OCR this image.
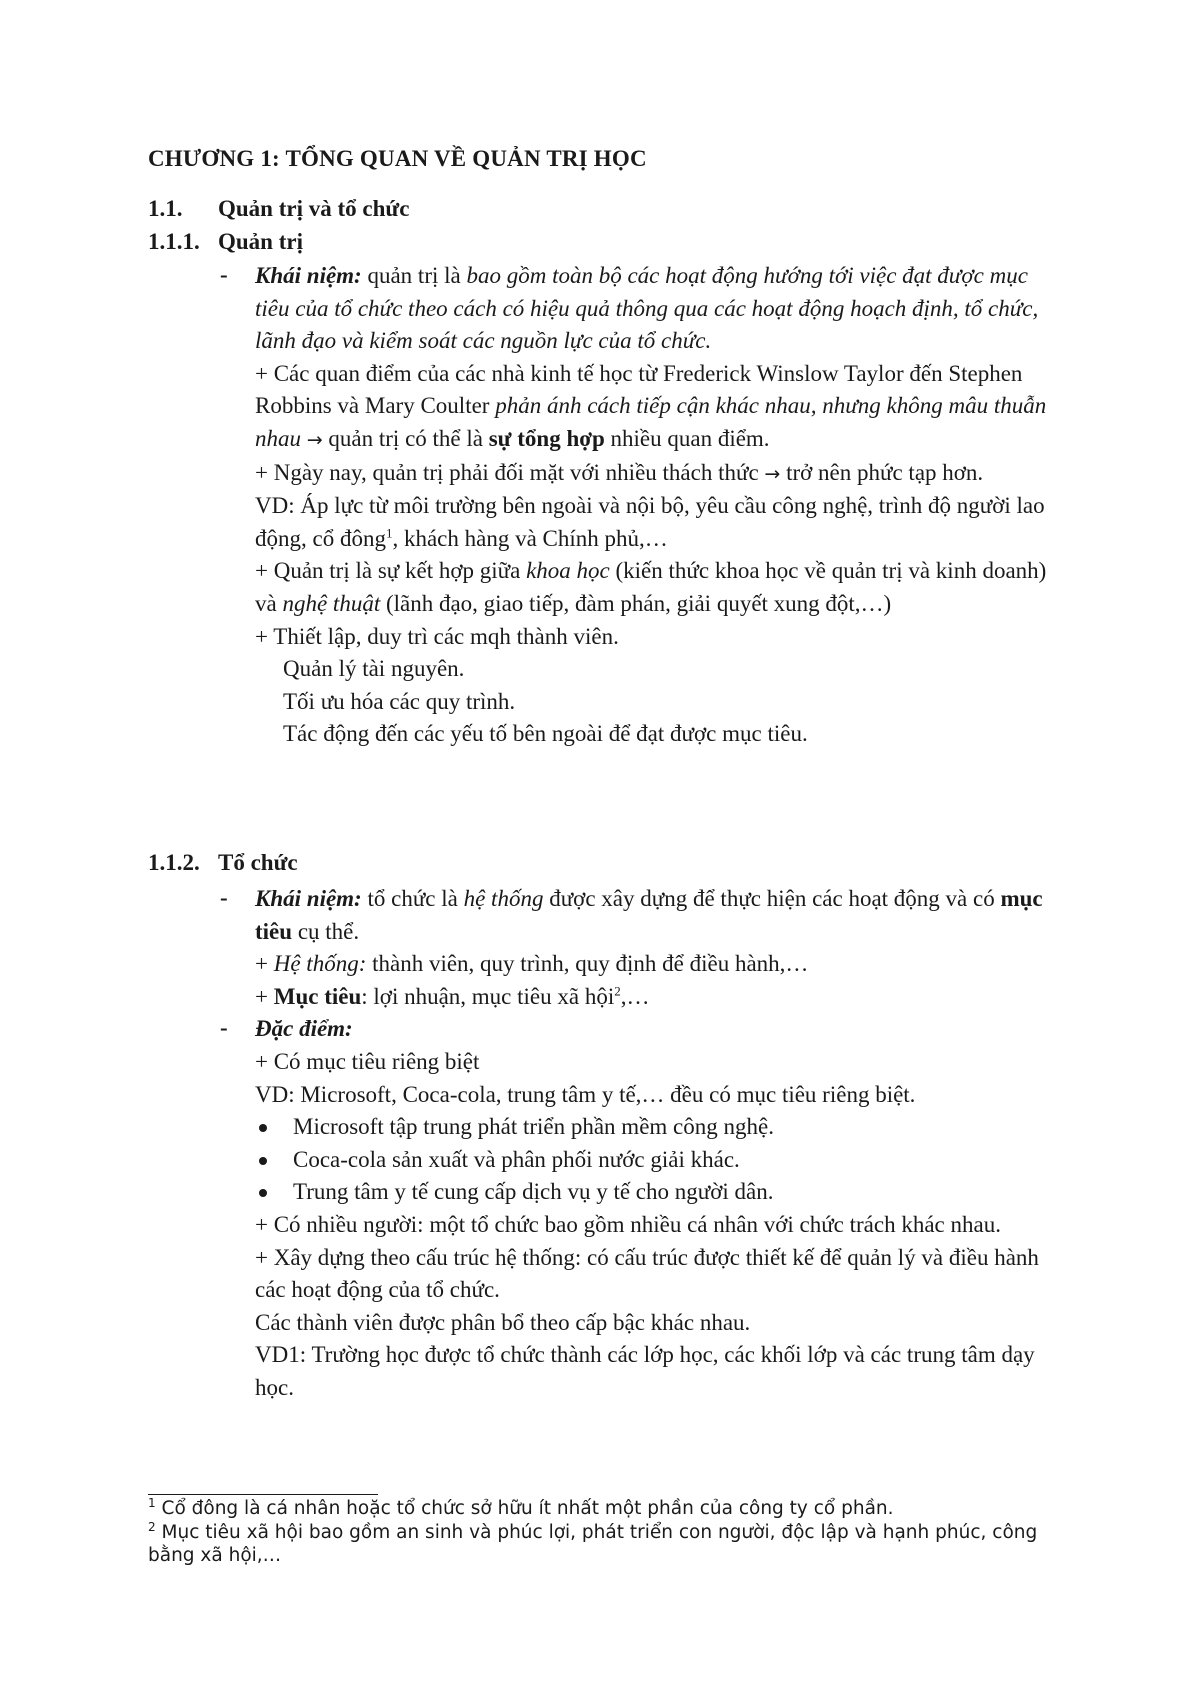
CHƯƠNG 1: TỔNG QUAN VỀ QUẢN TRỊ HỌC
1.1. Quản trị và tổ chức
1.1.1. Quản trị
- Khái niệm: quản trị là bao gồm toàn bộ các hoạt động hướng tới việc đạt được mục tiêu của tổ chức theo cách có hiệu quả thông qua các hoạt động hoạch định, tổ chức, lãnh đạo và kiểm soát các nguồn lực của tổ chức.

+ Các quan điểm của các nhà kinh tế học từ Frederick Winslow Taylor đến Stephen Robbins và Mary Coulter phản ánh cách tiếp cận khác nhau, nhưng không mâu thuẫn nhau → quản trị có thể là sự tổng hợp nhiều quan điểm.

+ Ngày nay, quản trị phải đối mặt với nhiều thách thức → trở nên phức tạp hơn.

VD: Áp lực từ môi trường bên ngoài và nội bộ, yêu cầu công nghệ, trình độ người lao động, cổ đông$^1$, khách hàng và Chính phủ,…

+ Quản trị là sự kết hợp giữa khoa học (kiến thức khoa học về quản trị và kinh doanh) và nghệ thuật (lãnh đạo, giao tiếp, đàm phán, giải quyết xung đột,…)

+ Thiết lập, duy trì các mqh thành viên.

Quản lý tài nguyên.

Tối ưu hóa các quy trình.

Tác động đến các yếu tố bên ngoài để đạt được mục tiêu.

1.1.2. Tổ chức
-
-

Khái niệm: tổ chức là hệ thống được xây dựng để thực hiện các hoạt động và có mục tiêu cụ thể.

+ Hệ thống: thành viên, quy trình, quy định để điều hành,…

+ Mục tiêu: lợi nhuận, mục tiêu xã hội$^2$,…

Đặc điểm:

+ Có mục tiêu riêng biệt

VD: Microsoft, Coca-cola, trung tâm y tế,… đều có mục tiêu riêng biệt.

Microsoft tập trung phát triển phần mềm công nghệ.

Coca-cola sản xuất và phân phối nước giải khác.

Trung tâm y tế cung cấp dịch vụ y tế cho người dân.

+ Có nhiều người: một tổ chức bao gồm nhiều cá nhân với chức trách khác nhau.

+ Xây dựng theo cấu trúc hệ thống: có cấu trúc được thiết kế để quản lý và điều hành các hoạt động của tổ chức.

Các thành viên được phân bổ theo cấp bậc khác nhau.

VD1: Trường học được tổ chức thành các lớp học, các khối lớp và các trung tâm dạy học.

$^1$ Cổ đông là cá nhân hoặc tổ chức sở hữu ít nhất một phần của công ty cổ phần.
$^2$ Mục tiêu xã hội bao gồm an sinh và phúc lợi, phát triển con người, độc lập và hạnh phúc, công bằng xã hội,…
